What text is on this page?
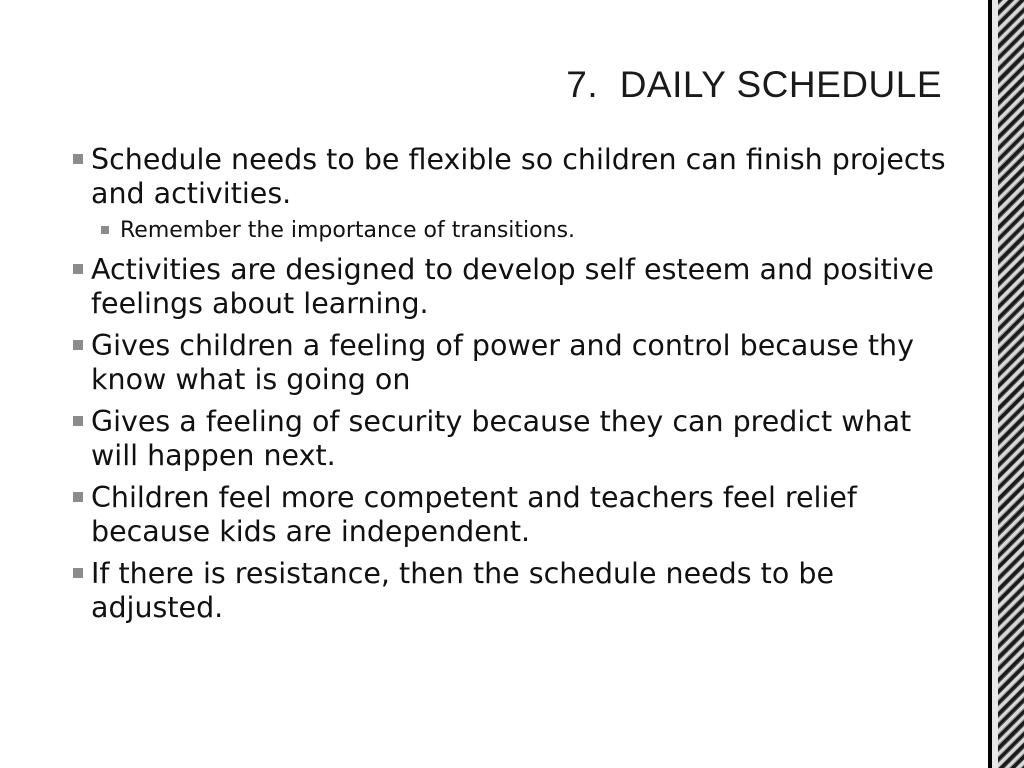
7.  DAILY SCHEDULE
Schedule needs to be flexible so children can finish projects and activities.
Remember the importance of transitions.
Activities are designed to develop self esteem and positive feelings about learning.
Gives children a feeling of power and control because thy know what is going on
Gives a feeling of security because they can predict what will happen next.
Children feel more competent and teachers feel relief because kids are independent.
If there is resistance, then the schedule needs to be adjusted.
